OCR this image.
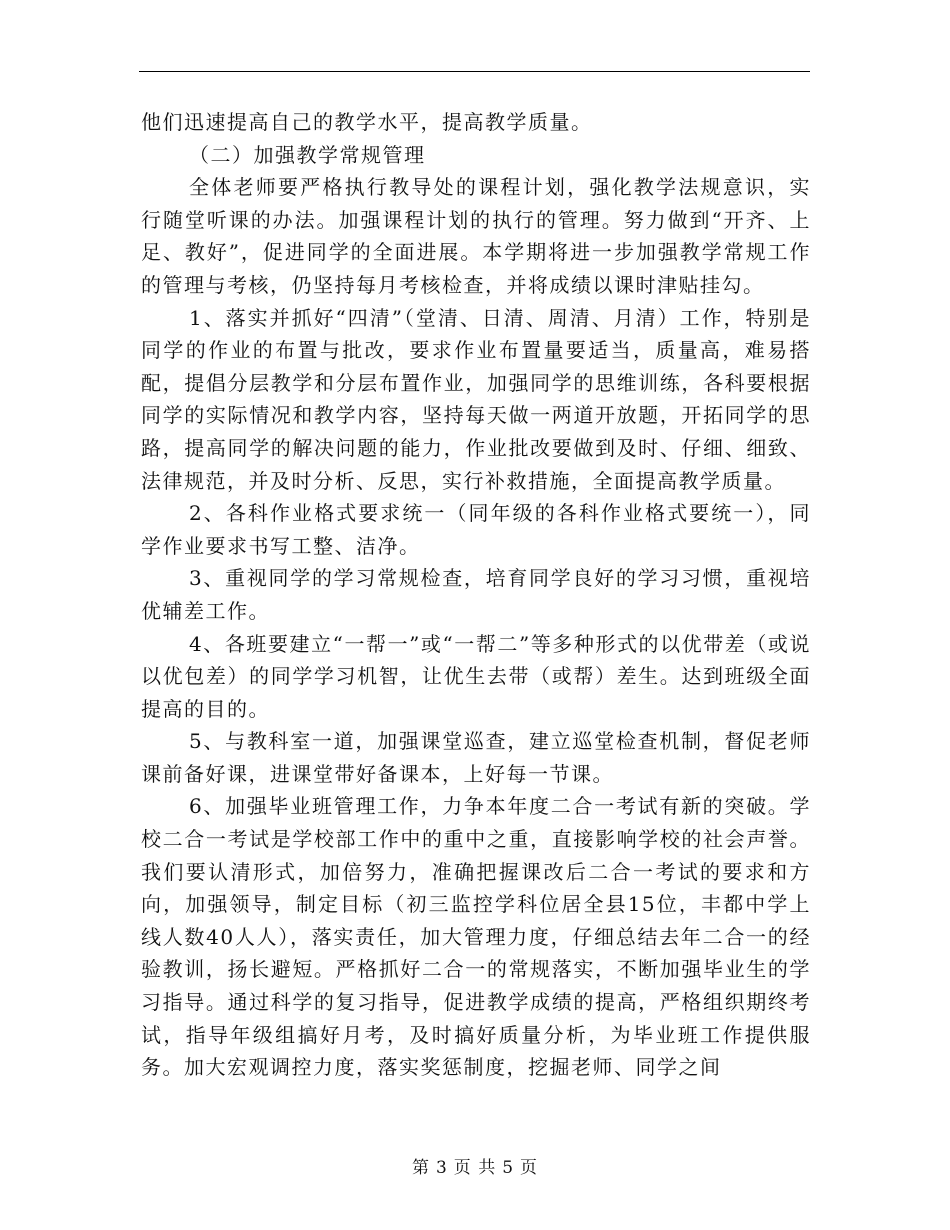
他们迅速提高自己的教学水平，提高教学质量。

（二）加强教学常规管理

全体老师要严格执行教导处的课程计划，强化教学法规意识，实行随堂听课的办法。加强课程计划的执行的管理。努力做到“开齐、上足、教好”，促进同学的全面进展。本学期将进一步加强教学常规工作的管理与考核，仍坚持每月考核检查，并将成绩以课时津贴挂勾。

1、落实并抓好“四清”（堂清、日清、周清、月清）工作，特别是同学的作业的布置与批改，要求作业布置量要适当，质量高，难易搭配，提倡分层教学和分层布置作业，加强同学的思维训练，各科要根据同学的实际情况和教学内容，坚持每天做一两道开放题，开拓同学的思路，提高同学的解决问题的能力，作业批改要做到及时、仔细、细致、法律规范，并及时分析、反思，实行补救措施，全面提高教学质量。

2、各科作业格式要求统一（同年级的各科作业格式要统一），同学作业要求书写工整、洁净。

3、重视同学的学习常规检查，培育同学良好的学习习惯，重视培优辅差工作。

4、各班要建立“一帮一”或“一帮二”等多种形式的以优带差（或说以优包差）的同学学习机智，让优生去带（或帮）差生。达到班级全面提高的目的。

5、与教科室一道，加强课堂巡查，建立巡堂检查机制，督促老师课前备好课，进课堂带好备课本，上好每一节课。

6、加强毕业班管理工作，力争本年度二合一考试有新的突破。学校二合一考试是学校部工作中的重中之重，直接影响学校的社会声誉。我们要认清形式，加倍努力，准确把握课改后二合一考试的要求和方向，加强领导，制定目标（初三监控学科位居全县15位，丰都中学上线人数40人人），落实责任，加大管理力度，仔细总结去年二合一的经验教训，扬长避短。严格抓好二合一的常规落实，不断加强毕业生的学习指导。通过科学的复习指导，促进教学成绩的提高，严格组织期终考试，指导年级组搞好月考，及时搞好质量分析，为毕业班工作提供服务。加大宏观调控力度，落实奖惩制度，挖掘老师、同学之间

第 3 页 共 5 页
